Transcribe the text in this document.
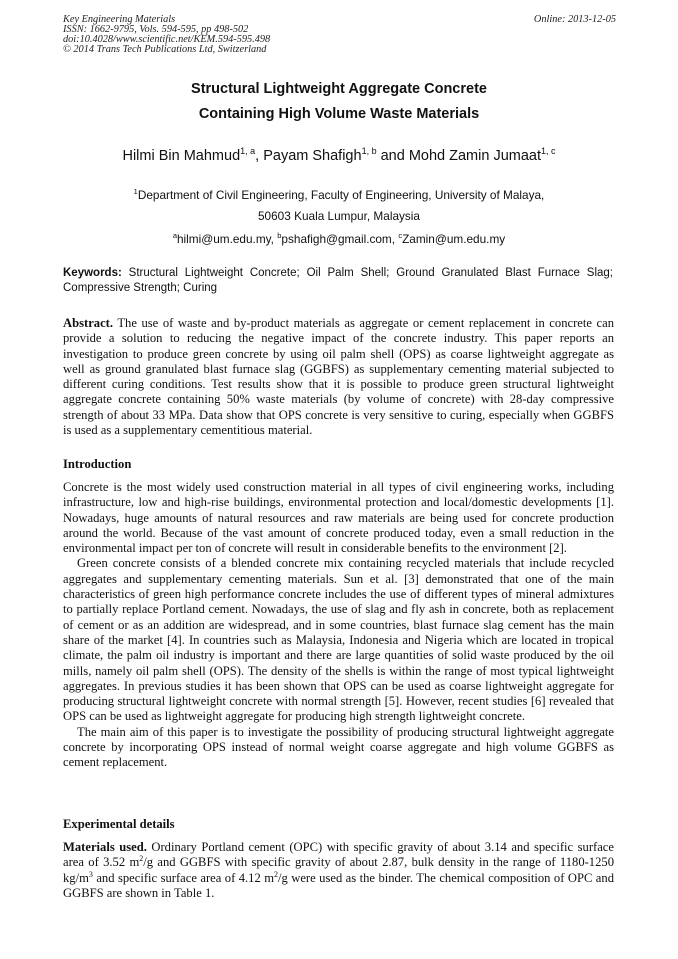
Key Engineering Materials
ISSN: 1662-9795, Vols. 594-595, pp 498-502
doi:10.4028/www.scientific.net/KEM.594-595.498
© 2014 Trans Tech Publications Ltd, Switzerland
Online: 2013-12-05
Structural Lightweight Aggregate Concrete
Containing High Volume Waste Materials
Hilmi Bin Mahmud$^{1, a}$, Payam Shafigh$^{1, b}$ and Mohd Zamin Jumaat$^{1, c}$
$^1$Department of Civil Engineering, Faculty of Engineering, University of Malaya,
50603 Kuala Lumpur, Malaysia
$^a$hilmi@um.edu.my, $^b$pshafigh@gmail.com, $^c$Zamin@um.edu.my
Keywords: Structural Lightweight Concrete; Oil Palm Shell; Ground Granulated Blast Furnace Slag; Compressive Strength; Curing

Abstract. The use of waste and by-product materials as aggregate or cement replacement in concrete can provide a solution to reducing the negative impact of the concrete industry. This paper reports an investigation to produce green concrete by using oil palm shell (OPS) as coarse lightweight aggregate as well as ground granulated blast furnace slag (GGBFS) as supplementary cementing material subjected to different curing conditions. Test results show that it is possible to produce green structural lightweight aggregate concrete containing 50% waste materials (by volume of concrete) with 28-day compressive strength of about 33 MPa. Data show that OPS concrete is very sensitive to curing, especially when GGBFS is used as a supplementary cementitious material.

Introduction

Concrete is the most widely used construction material in all types of civil engineering works, including infrastructure, low and high-rise buildings, environmental protection and local/domestic developments [1]. Nowadays, huge amounts of natural resources and raw materials are being used for concrete production around the world. Because of the vast amount of concrete produced today, even a small reduction in the environmental impact per ton of concrete will result in considerable benefits to the environment [2].

Green concrete consists of a blended concrete mix containing recycled materials that include recycled aggregates and supplementary cementing materials. Sun et al. [3] demonstrated that one of the main characteristics of green high performance concrete includes the use of different types of mineral admixtures to partially replace Portland cement. Nowadays, the use of slag and fly ash in concrete, both as replacement of cement or as an addition are widespread, and in some countries, blast furnace slag cement has the main share of the market [4]. In countries such as Malaysia, Indonesia and Nigeria which are located in tropical climate, the palm oil industry is important and there are large quantities of solid waste produced by the oil mills, namely oil palm shell (OPS). The density of the shells is within the range of most typical lightweight aggregates. In previous studies it has been shown that OPS can be used as coarse lightweight aggregate for producing structural lightweight concrete with normal strength [5]. However, recent studies [6] revealed that OPS can be used as lightweight aggregate for producing high strength lightweight concrete.

The main aim of this paper is to investigate the possibility of producing structural lightweight aggregate concrete by incorporating OPS instead of normal weight coarse aggregate and high volume GGBFS as cement replacement.

Experimental details

Materials used. Ordinary Portland cement (OPC) with specific gravity of about 3.14 and specific surface area of 3.52 $m^2/g$ and GGBFS with specific gravity of about 2.87, bulk density in the range of 1180-1250 $kg/m^3$ and specific surface area of 4.12 $m^2/g$ were used as the binder. The chemical composition of OPC and GGBFS are shown in Table 1.
